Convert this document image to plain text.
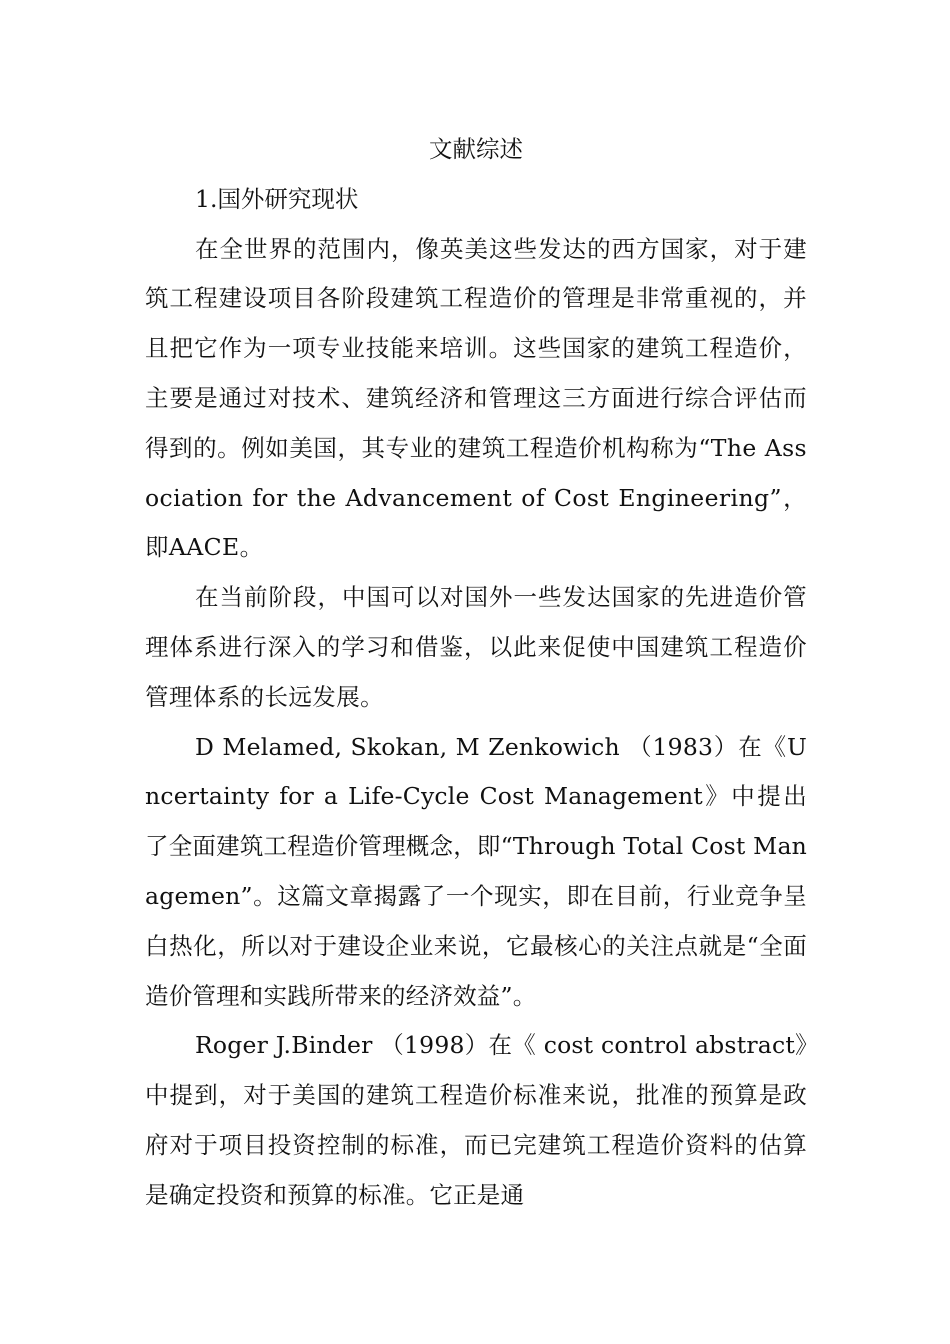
文献综述
1.国外研究现状

在全世界的范围内，像英美这些发达的西方国家，对于建筑工程建设项目各阶段建筑工程造价的管理是非常重视的，并且把它作为一项专业技能来培训。这些国家的建筑工程造价，主要是通过对技术、建筑经济和管理这三方面进行综合评估而得到的。例如美国，其专业的建筑工程造价机构称为“The Association for the Advancement of Cost Engineering”，即AACE。

在当前阶段，中国可以对国外一些发达国家的先进造价管理体系进行深入的学习和借鉴，以此来促使中国建筑工程造价管理体系的长远发展。

D Melamed, Skokan, M Zenkowich （1983）在《Uncertainty for a Life-Cycle Cost Management》中提出了全面建筑工程造价管理概念，即“Through Total Cost Managemen”。这篇文章揭露了一个现实，即在目前，行业竞争呈白热化，所以对于建设企业来说，它最核心的关注点就是“全面造价管理和实践所带来的经济效益”。

Roger J.Binder （1998）在《 cost control abstract》中提到，对于美国的建筑工程造价标准来说，批准的预算是政府对于项目投资控制的标准，而已完建筑工程造价资料的估算是确定投资和预算的标准。它正是通
